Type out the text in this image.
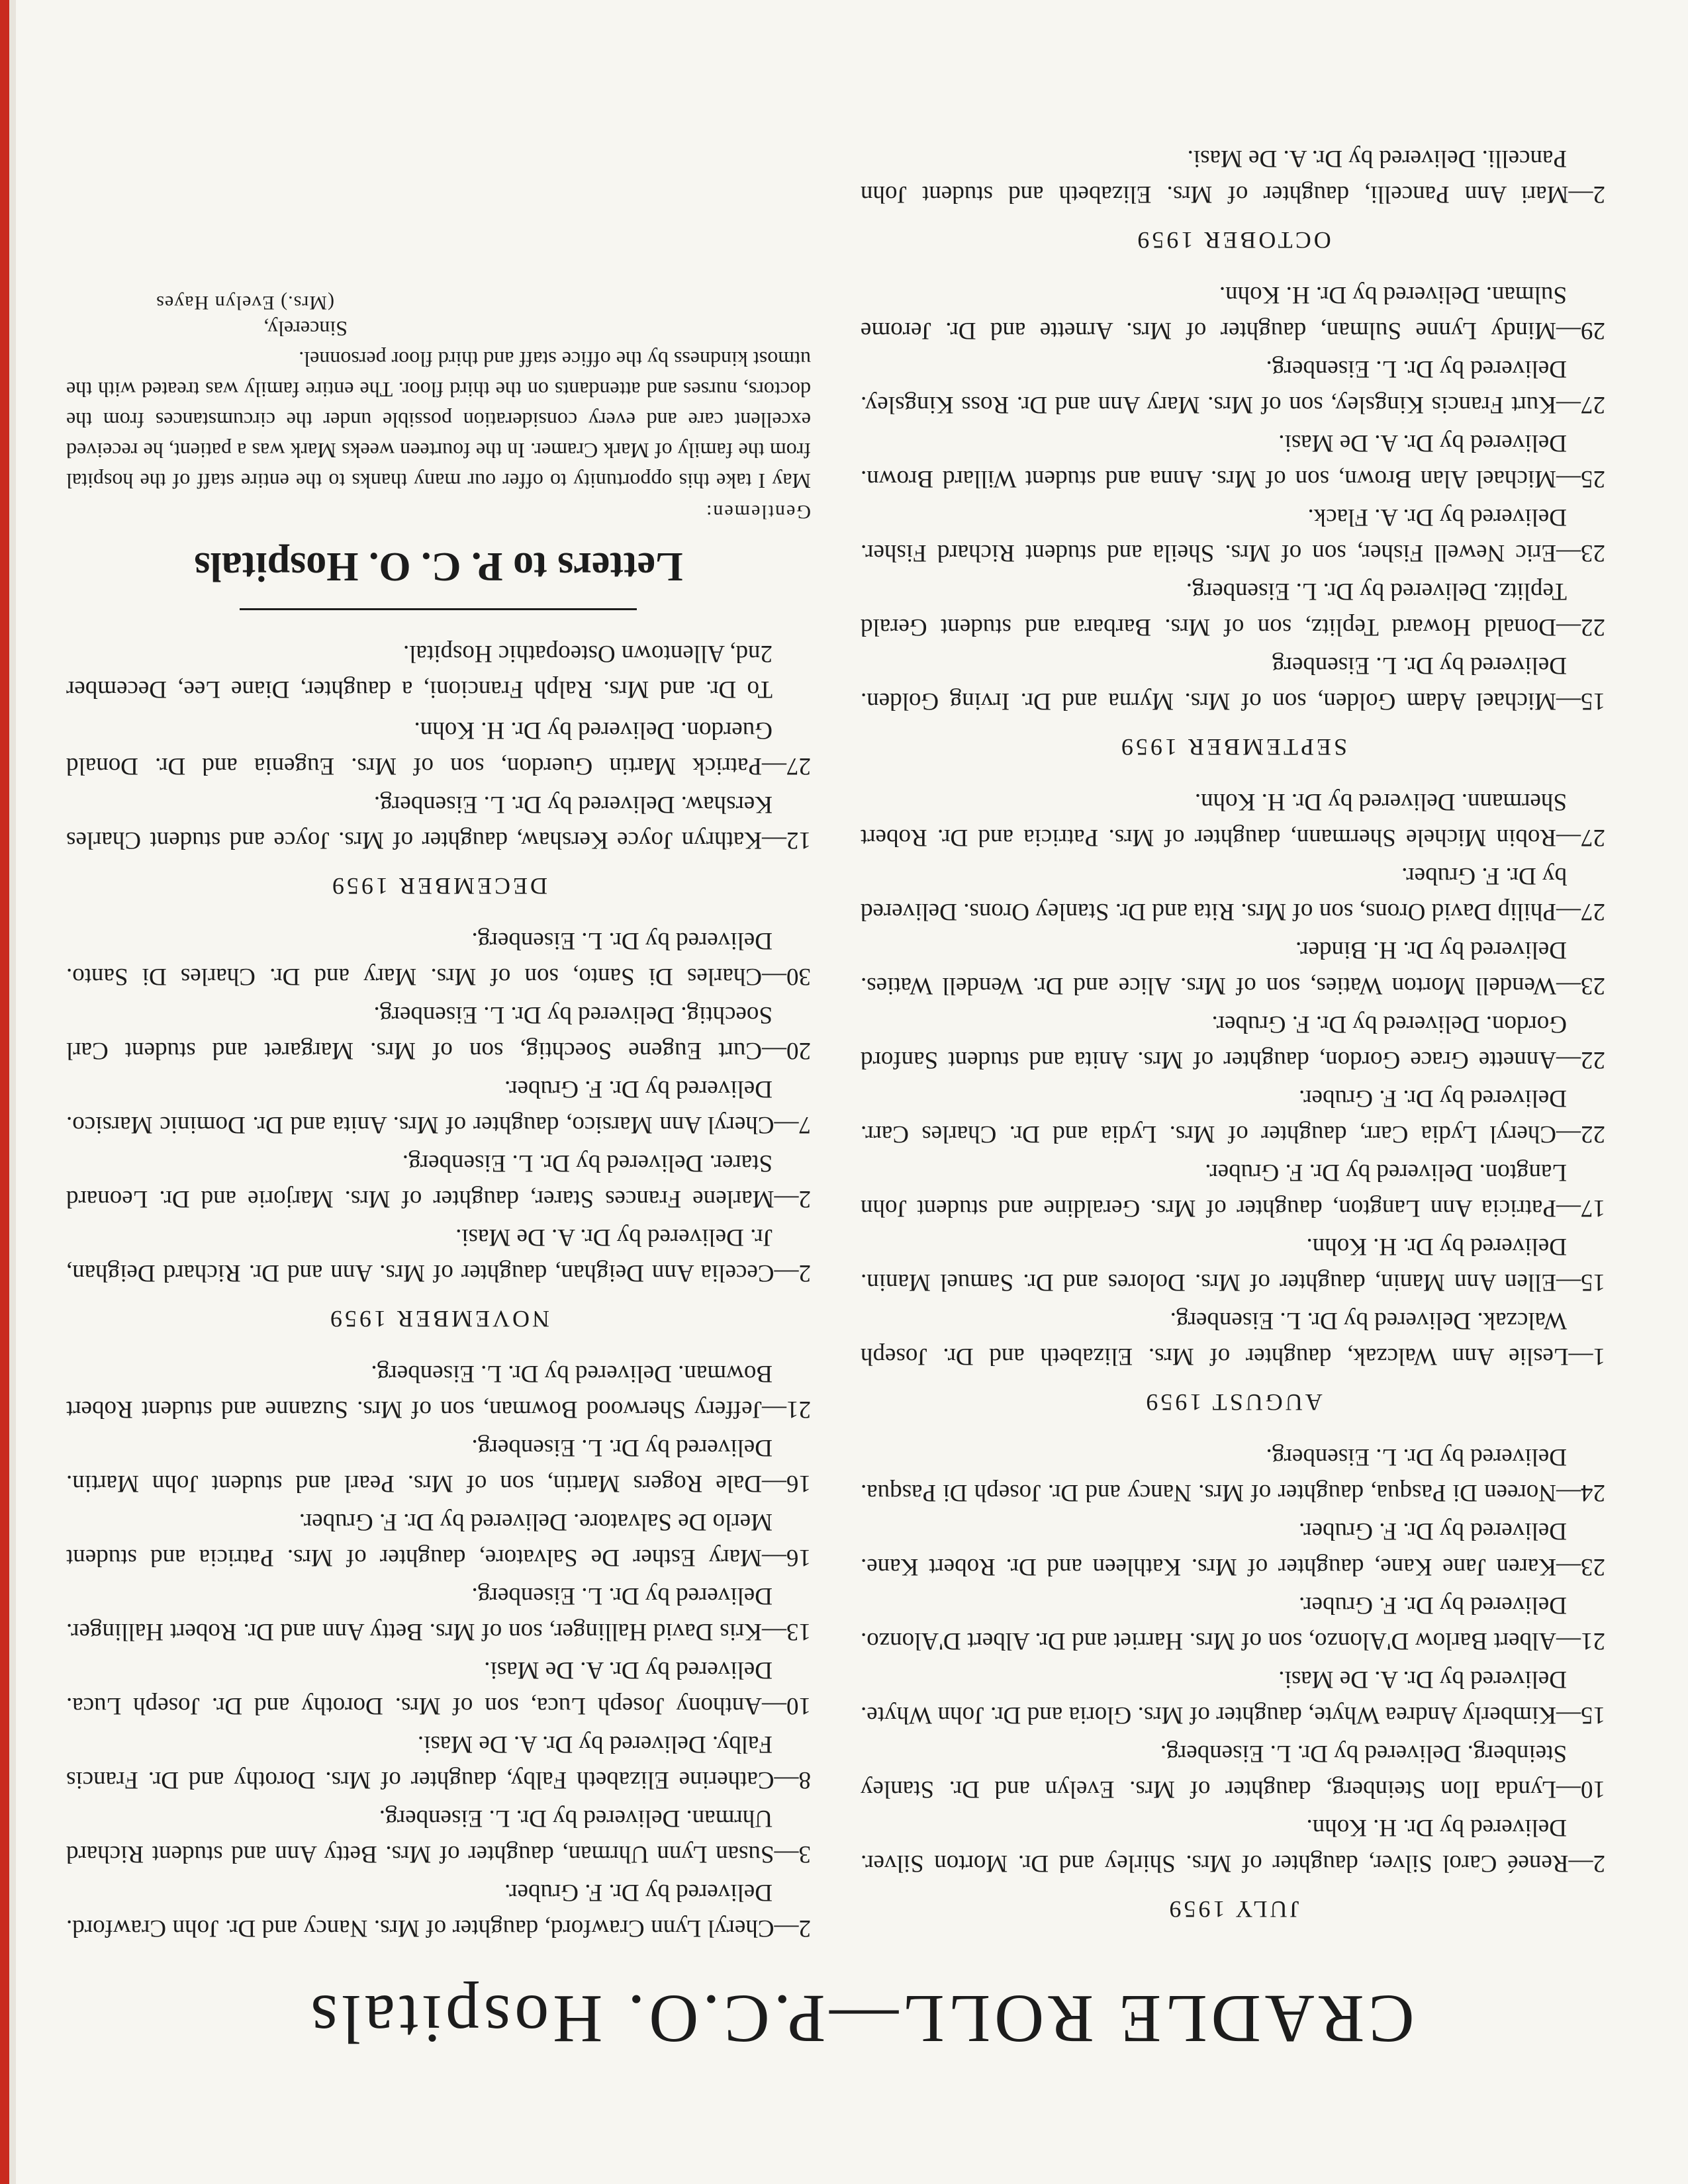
CRADLE ROLL—P.C.O. Hospitals
JULY 1959

2—Reneé Carol Silver, daughter of Mrs. Shirley and Dr. Morton Silver. Delivered by Dr. H. Kohn.

10—Lynda Ilon Steinberg, daughter of Mrs. Evelyn and Dr. Stanley Steinberg. Delivered by Dr. L. Eisenberg.

15—Kimberly Andrea Whyte, daughter of Mrs. Gloria and Dr. John Whyte. Delivered by Dr. A. De Masi.

21—Albert Barlow D'Alonzo, son of Mrs. Harriet and Dr. Albert D'Alonzo. Delivered by Dr. F. Gruber.

23—Karen Jane Kane, daughter of Mrs. Kathleen and Dr. Robert Kane. Delivered by Dr. F. Gruber.

24—Noreen Di Pasqua, daughter of Mrs. Nancy and Dr. Joseph Di Pasqua. Delivered by Dr. L. Eisenberg.

AUGUST 1959

1—Leslie Ann Walczak, daughter of Mrs. Elizabeth and Dr. Joseph Walczak. Delivered by Dr. L. Eisenberg.

15—Ellen Ann Manin, daughter of Mrs. Dolores and Dr. Samuel Manin. Delivered by Dr. H. Kohn.

17—Patricia Ann Langton, daughter of Mrs. Geraldine and student John Langton. Delivered by Dr. F. Gruber.

22—Cheryl Lydia Carr, daughter of Mrs. Lydia and Dr. Charles Carr. Delivered by Dr. F. Gruber.

22—Annette Grace Gordon, daughter of Mrs. Anita and student Sanford Gordon. Delivered by Dr. F. Gruber.

23—Wendell Morton Waties, son of Mrs. Alice and Dr. Wendell Waties. Delivered by Dr. H. Binder.

27—Philip David Orons, son of Mrs. Rita and Dr. Stanley Orons. Delivered by Dr. F. Gruber.

27—Robin Michele Shermann, daughter of Mrs. Patricia and Dr. Robert Shermann. Delivered by Dr. H. Kohn.

SEPTEMBER 1959

15—Michael Adam Golden, son of Mrs. Myrna and Dr. Irving Golden. Delivered by Dr. L. Eisenberg

22—Donald Howard Teplitz, son of Mrs. Barbara and student Gerald Teplitz. Delivered by Dr. L. Eisenberg.

23—Eric Newell Fisher, son of Mrs. Sheila and student Richard Fisher. Delivered by Dr. A. Flack.

25—Michael Alan Brown, son of Mrs. Anna and student Willard Brown. Delivered by Dr. A. De Masi.

27—Kurt Francis Kingsley, son of Mrs. Mary Ann and Dr. Ross Kingsley. Delivered by Dr. L. Eisenberg.

29—Mindy Lynne Sulman, daughter of Mrs. Arnette and Dr. Jerome Sulman. Delivered by Dr. H. Kohn.

OCTOBER 1959

2—Mari Ann Pancelli, daughter of Mrs. Elizabeth and student John Pancelli. Delivered by Dr. A. De Masi.

2—Cheryl Lynn Crawford, daughter of Mrs. Nancy and Dr. John Crawford. Delivered by Dr. F. Gruber.

3—Susan Lynn Uhrman, daughter of Mrs. Betty Ann and student Richard Uhrman. Delivered by Dr. L. Eisenberg.

8—Catherine Elizabeth Falby, daughter of Mrs. Dorothy and Dr. Francis Falby. Delivered by Dr. A. De Masi.

10—Anthony Joseph Luca, son of Mrs. Dorothy and Dr. Joseph Luca. Delivered by Dr. A. De Masi.

13—Kris David Hallinger, son of Mrs. Betty Ann and Dr. Robert Hallinger. Delivered by Dr. L. Eisenberg.

16—Mary Esther De Salvatore, daughter of Mrs. Patricia and student Merlo De Salvatore. Delivered by Dr. F. Gruber.

16—Dale Rogers Martin, son of Mrs. Pearl and student John Martin. Delivered by Dr. L. Eisenberg.

21—Jeffery Sherwood Bowman, son of Mrs. Suzanne and student Robert Bowman. Delivered by Dr. L. Eisenberg.

NOVEMBER 1959

2—Cecelia Ann Deighan, daughter of Mrs. Ann and Dr. Richard Deighan, Jr. Delivered by Dr. A. De Masi.

2—Marlene Frances Starer, daughter of Mrs. Marjorie and Dr. Leonard Starer. Delivered by Dr. L. Eisenberg.

7—Cheryl Ann Marsico, daughter of Mrs. Anita and Dr. Dominic Marsico. Delivered by Dr. F. Gruber.

20—Curt Eugene Soechtig, son of Mrs. Margaret and student Carl Soechtig. Delivered by Dr. L. Eisenberg.

30—Charles Di Santo, son of Mrs. Mary and Dr. Charles Di Santo. Delivered by Dr. L. Eisenberg.

DECEMBER 1959

12—Kathryn Joyce Kershaw, daughter of Mrs. Joyce and student Charles Kershaw. Delivered by Dr. L. Eisenberg.

27—Patrick Martin Guerdon, son of Mrs. Eugenia and Dr. Donald Guerdon. Delivered by Dr. H. Kohn.

To Dr. and Mrs. Ralph Francioni, a daughter, Diane Lee, December 2nd, Allentown Osteopathic Hospital.

Letters to P. C. O. Hospitals
Gentlemen:

May I take this opportunity to offer our many thanks to the entire staff of the hospital from the family of Mark Cramer. In the fourteen weeks Mark was a patient, he received excellent care and every consideration possible under the circumstances from the doctors, nurses and attendants on the third floor. The entire family was treated with the utmost kindness by the office staff and third floor personnel.

Sincerely,

(Mrs.) Evelyn Hayes
